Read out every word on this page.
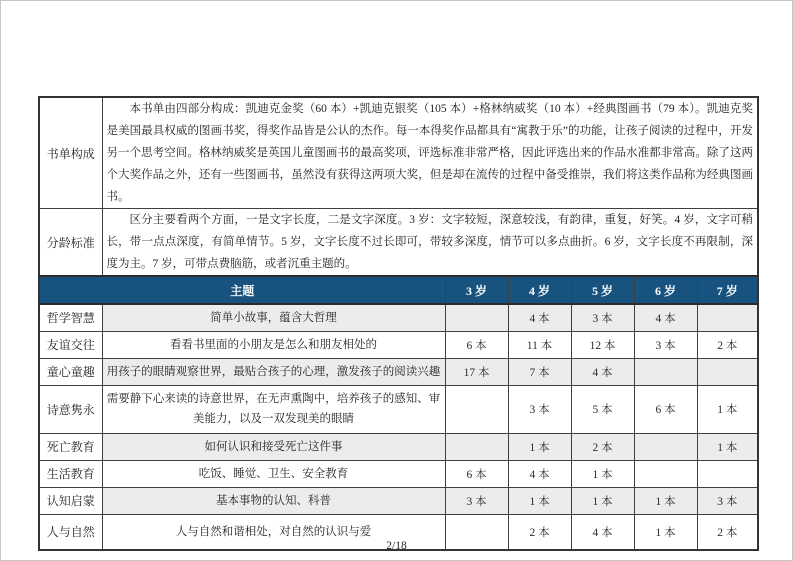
书单构成	本书单由四部分构成：凯迪克金奖（60 本）+凯迪克银奖（105 本）+格林纳威奖（10 本）+经典图画书（79 本）。凯迪克奖是美国最具权威的图画书奖，得奖作品皆是公认的杰作。每一本得奖作品都具有“寓教于乐”的功能，让孩子阅读的过程中，开发另一个思考空间。格林纳威奖是英国儿童图画书的最高奖项，评选标准非常严格，因此评选出来的作品水准都非常高。除了这两个大奖作品之外，还有一些图画书，虽然没有获得这两项大奖，但是却在流传的过程中备受推崇，我们将这类作品称为经典图画书。					
分龄标准	区分主要看两个方面，一是文字长度，二是文字深度。3 岁：文字较短，深意较浅，有韵律，重复，好笑。4 岁，文字可稍长，带一点点深度，有简单情节。5 岁，文字长度不过长即可，带较多深度，情节可以多点曲折。6 岁，文字长度不再限制，深度为主。7 岁，可带点费脑筋，或者沉重主题的。					
主题		3 岁	4 岁	5 岁	6 岁	7 岁
哲学智慧	简单小故事，蕴含大哲理		4 本	3 本	4 本	
友谊交往	看看书里面的小朋友是怎么和朋友相处的	6 本	11 本	12 本	3 本	2 本
童心童趣	用孩子的眼睛观察世界，最贴合孩子的心理，激发孩子的阅读兴趣	17 本	7 本	4 本		
诗意隽永	需要静下心来读的诗意世界，在无声熏陶中，培养孩子的感知、审美能力，以及一双发现美的眼睛		3 本	5 本	6 本	1 本
死亡教育	如何认识和接受死亡这件事		1 本	2 本		1 本
生活教育	吃饭、睡觉、卫生、安全教育	6 本	4 本	1 本		
认知启蒙	基本事物的认知、科普	3 本	1 本	1 本	1 本	3 本
人与自然	人与自然和谐相处，对自然的认识与爱		2 本	4 本	1 本	2 本
2/18
